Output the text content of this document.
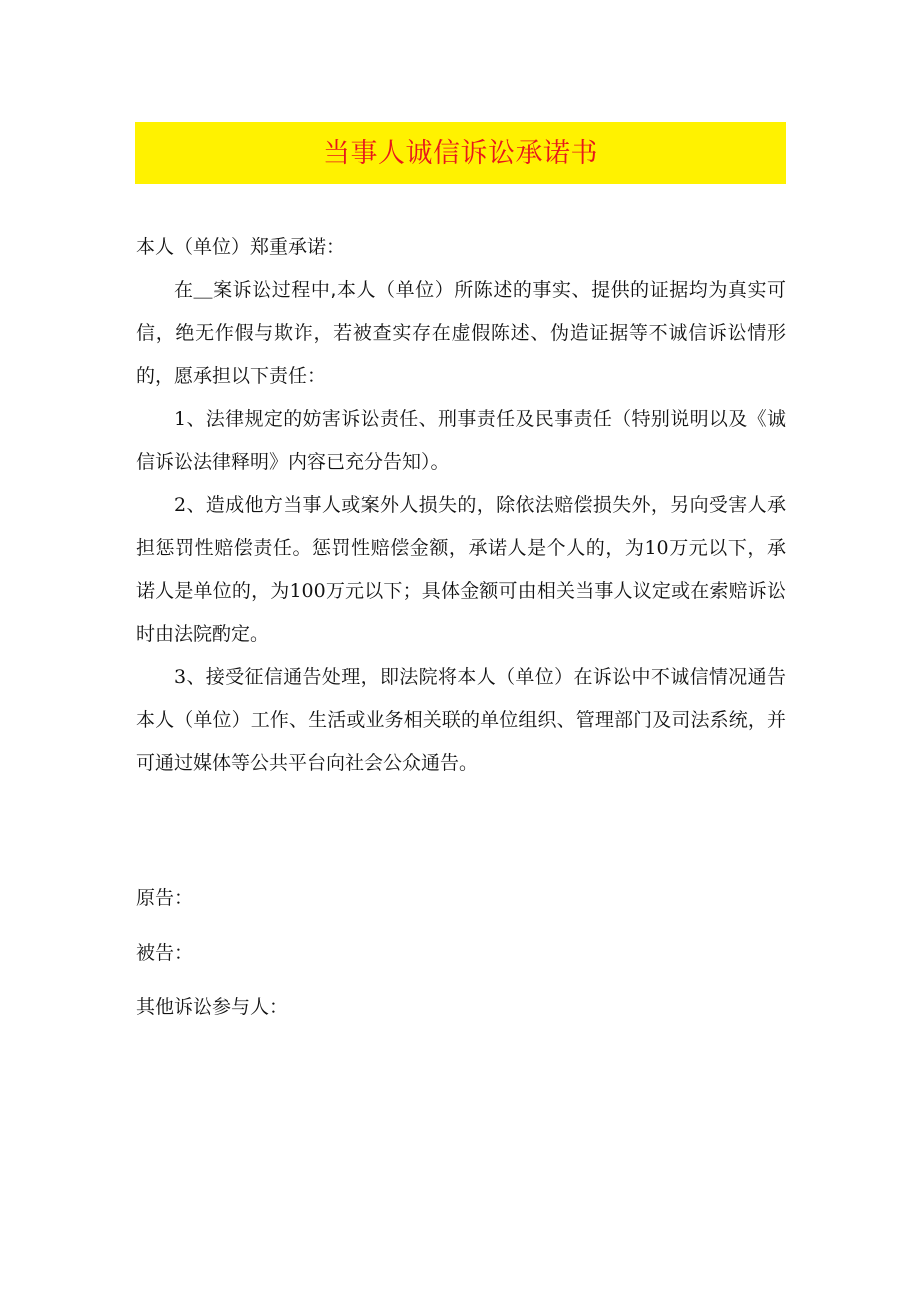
当事人诚信诉讼承诺书

本人（单位）郑重承诺：

在＿案诉讼过程中,本人（单位）所陈述的事实、提供的证据均为真实可信，绝无作假与欺诈，若被查实存在虚假陈述、伪造证据等不诚信诉讼情形的，愿承担以下责任：

1、法律规定的妨害诉讼责任、刑事责任及民事责任（特别说明以及《诚信诉讼法律释明》内容已充分告知）。

2、造成他方当事人或案外人损失的，除依法赔偿损失外，另向受害人承担惩罚性赔偿责任。惩罚性赔偿金额，承诺人是个人的，为10万元以下，承诺人是单位的，为100万元以下；具体金额可由相关当事人议定或在索赔诉讼时由法院酌定。

3、接受征信通告处理，即法院将本人（单位）在诉讼中不诚信情况通告本人（单位）工作、生活或业务相关联的单位组织、管理部门及司法系统，并可通过媒体等公共平台向社会公众通告。

原告：
被告：
其他诉讼参与人：
